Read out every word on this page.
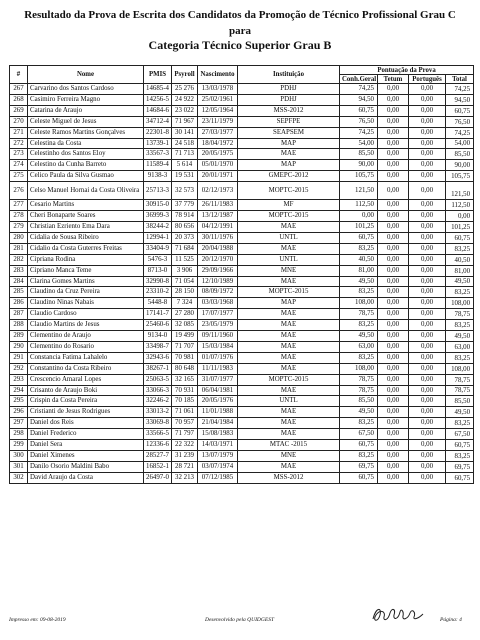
Resultado da Prova de Escrita dos Candidatos da Promoção de Técnico Profissional Grau C
para
Categoria Técnico Superior Grau B
#	Nome	PMIS	Psyroll	Nascimento	Instituição	Pontuação da Prova			
						Conh.Geral	Tetum	Português	Total
267	Carvarino dos Santos Cardoso	14685-4	25 276	13/03/1978	PDHJ	74,25	0,00	0,00	74,25
268	Casimiro Ferreira Magno	14256-5	24 922	25/02/1961	PDHJ	94,50	0,00	0,00	94,50
269	Catarina de Araujo	14684-6	23 022	12/05/1964	MSS-2012	60,75	0,00	0,00	60,75
270	Celeste Miguel de Jesus	34712-4	71 967	23/11/1979	SEPFPE	76,50	0,00	0,00	76,50
271	Celeste Ramos Martins Gonçalves	22301-8	30 141	27/03/1977	SEAPSEM	74,25	0,00	0,00	74,25
272	Celestina da Costa	13739-1	24 518	18/04/1972	MAP	54,00	0,00	0,00	54,00
273	Celestinho dos Santos Eloy	33567-3	71 713	20/05/1975	MAE	85,50	0,00	0,00	85,50
274	Celestino da Cunha Barreto	11589-4	5 614	05/01/1970	MAP	90,00	0,00	0,00	90,00
275	Celico Paula da Silva Gusmao	9138-3	19 531	20/01/1971	GMEPC-2012	105,75	0,00	0,00	105,75
276	Celso Manuel Hornai da Costa Oliveira	25713-3	32 573	02/12/1973	MOPTC-2015	121,50	0,00	0,00	121,50
277	Cesario Martins	30915-0	37 779	26/11/1983	MF	112,50	0,00	0,00	112,50
278	Cheri Bonaparte Soares	36999-3	78 914	13/12/1987	MOPTC-2015	0,00	0,00	0,00	0,00
279	Christian Ezriento Ema Dara	38244-2	80 656	04/12/1991	MAE	101,25	0,00	0,00	101,25
280	Cidalia de Sousa Ribeiro	12994-1	20 373	30/11/1976	UNTL	60,75	0,00	0,00	60,75
281	Cidalio da Costa Guterres Freitas	33404-9	71 684	20/04/1988	MAE	83,25	0,00	0,00	83,25
282	Cipriana Rodina	5476-3	11 525	20/12/1970	UNTL	40,50	0,00	0,00	40,50
283	Cipriano Manca Teme	8713-0	3 906	29/09/1966	MNE	81,00	0,00	0,00	81,00
284	Clarina Gomes Martins	32990-8	71 054	12/10/1989	MAE	49,50	0,00	0,00	49,50
285	Claudino da Cruz Pereira	23310-2	28 150	08/09/1972	MOPTC-2015	83,25	0,00	0,00	83,25
286	Claudino Ninas Nabais	5448-8	7 324	03/03/1968	MAP	108,00	0,00	0,00	108,00
287	Claudio Cardoso	17141-7	27 280	17/07/1977	MAE	78,75	0,00	0,00	78,75
288	Claudio Martins de Jesus	25460-6	32 085	23/05/1979	MAE	83,25	0,00	0,00	83,25
289	Clementino de Araujo	9134-0	19 499	09/11/1960	MAE	49,50	0,00	0,00	49,50
290	Clementino do Rosario	33498-7	71 707	15/03/1984	MAE	63,00	0,00	0,00	63,00
291	Constancia Fatima Lahalelo	32943-6	70 981	01/07/1976	MAE	83,25	0,00	0,00	83,25
292	Constantino da Costa Ribeiro	38267-1	80 648	11/11/1983	MAE	108,00	0,00	0,00	108,00
293	Crescencio Amaral Lopes	25063-5	32 165	31/07/1977	MOPTC-2015	78,75	0,00	0,00	78,75
294	Crisanto de Araujo Boki	33066-3	70 931	06/04/1981	MAE	78,75	0,00	0,00	78,75
295	Crispin da Costa Pereira	32246-2	70 185	20/05/1976	UNTL	85,50	0,00	0,00	85,50
296	Cristianti de Jesus Rodrigues	33013-2	71 061	11/01/1988	MAE	49,50	0,00	0,00	49,50
297	Daniel dos Reis	33069-8	70 957	21/04/1984	MAE	83,25	0,00	0,00	83,25
298	Daniel Frederico	33566-5	71 797	15/08/1983	MAE	67,50	0,00	0,00	67,50
299	Daniel Sera	12336-6	22 322	14/03/1971	MTAC -2015	60,75	0,00	0,00	60,75
300	Daniel Ximenes	28527-7	31 239	13/07/1979	MNE	83,25	0,00	0,00	83,25
301	Danilo Osorio Maldini Babo	16852-1	28 721	03/07/1974	MAE	69,75	0,00	0,00	69,75
302	David Araujo da Costa	26497-0	32 213	07/12/1985	MSS-2012	60,75	0,00	0,00	60,75
Impresso em: 09-08-2019	Desenvolvido pela QUIDGEST	Página: 4
